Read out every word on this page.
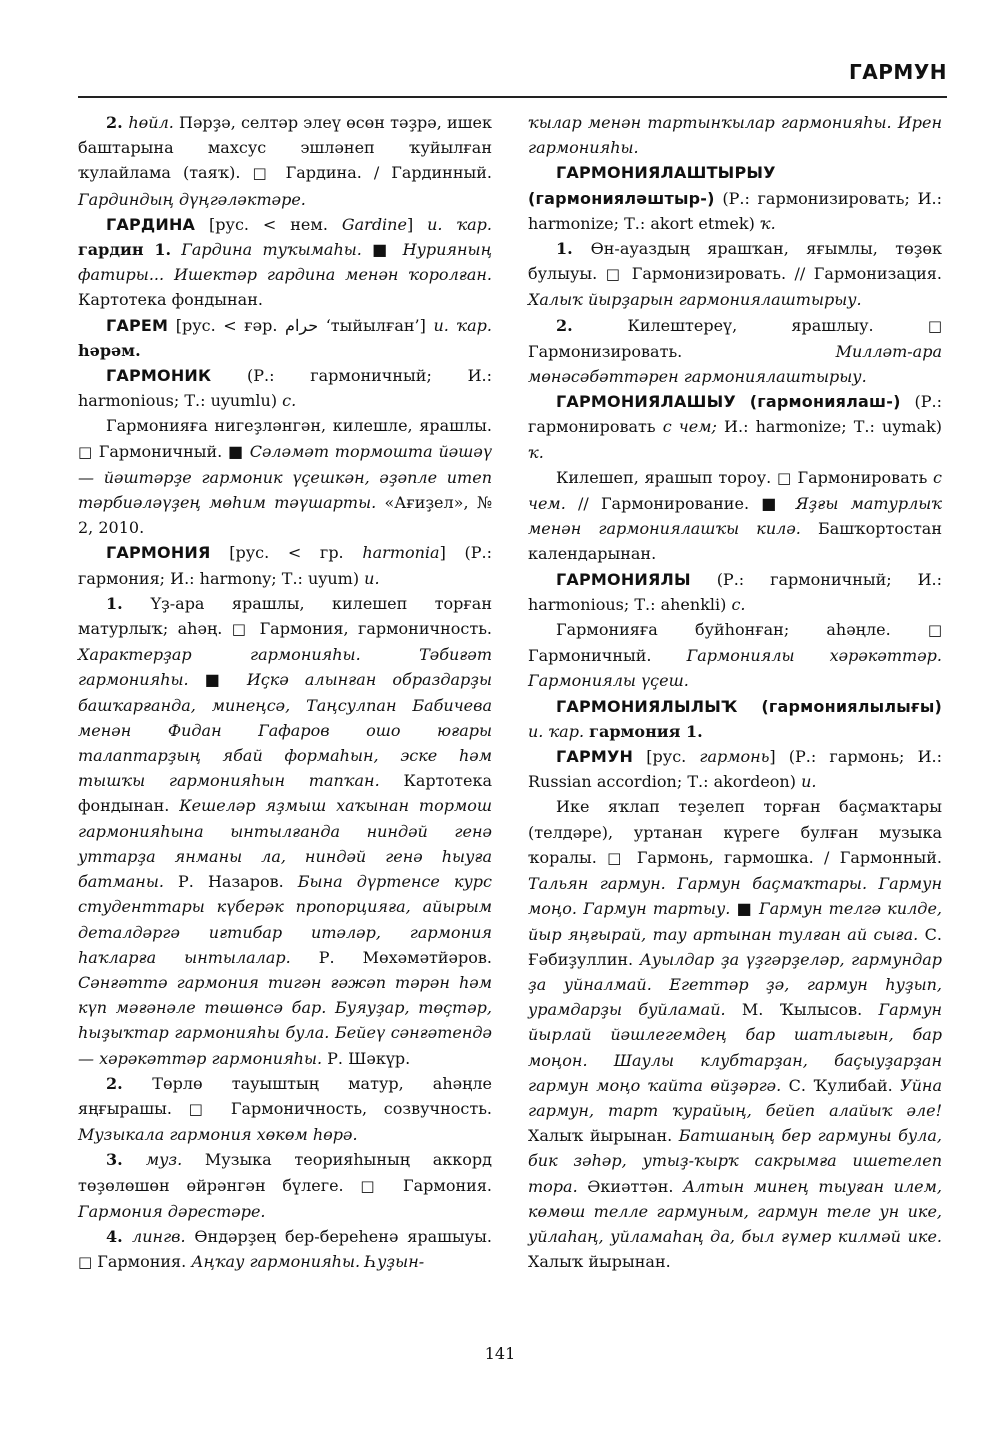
ГАРМУН

2. һөйл. Пәрҙә, селтәр элеү өсөн тәҙрә, ишек баштарына махсус эшләнеп ҡуйылған ҡулайлама (таяҡ). □ Гардина. / Гардинный. Гардиндың дүңгәләктәре.

ГАРДИНА [рус. < нем. Gardine] и. ҡар. гардин 1. Гардина туҡымаһы. ■ Нурияның фатиры... Ишектәр гардина менән ҡоролған. Картотека фондынан.

ГАРЕМ [рус. < ғәр. حرام ‘тыйылған’] и. ҡар. һәрәм.

ГАРМОНИК (Р.: гармоничный; И.: harmonious; Т.: uyumlu) с.

Гармонияға нигеҙләнгән, килешле, ярашлы. □ Гармоничный. ■ Сәләмәт тормошта йәшәү — йәштәрҙе гармоник үҫешкән, әҙәпле итеп тәрбиәләүҙең мөһим тәүшарты. «Ағиҙел», № 2, 2010.

ГАРМОНИЯ [рус. < гр. harmonia] (Р.: гармония; И.: harmony; Т.: uyum) и.

1. Үҙ-ара ярашлы, килешеп торған матурлыҡ; аһәң. □ Гармония, гармоничность. Характерҙар гармонияһы. Тәбиғәт гармонияһы. ■ Иҫкә алынған образдарҙы башҡарғанда, минеңсә, Таңсулпан Бабичева менән Фидан Гафаров ошо юғары талаптарҙың ябай формаһын, эске һәм тышҡы гармонияһын тапҡан. Картотека фондынан. Кешеләр яҙмыш хаҡынан тормош гармонияһына ынтылғанда ниндәй генә уттарҙа янманы ла, ниндәй генә һыуға батманы. Р. Назаров. Бына дүртенсе курс студенттары күберәк пропорцияға, айырым деталдәргә иғтибар итәләр, гармония һаҡларға ынтылалар. Р. Мөхәмәтйәров. Сәнғәттә гармония тигән ғәжәп тәрән һәм күп мәғәнәле төшөнсә бар. Буяуҙар, төҫтәр, һыҙыҡтар гармонияһы була. Бейеү сәнғәтендә — хәрәкәттәр гармонияһы. Р. Шәкүр.

2. Төрлө тауыштың матур, аһәңле яңғырашы. □ Гармоничность, созвучность. Музыкала гармония хөкөм һөрә.

3. муз. Музыка теорияһының аккорд төҙөлөшөн өйрәнгән бүлеге. □ Гармония. Гармония дәрестәре.

4. лингв. Өндәрҙең бер-береһенә ярашыуы. □ Гармония. Аңҡау гармонияһы. Һуҙын-

ҡылар менән тартынҡылар гармонияһы. Ирен гармонияһы.

ГАРМОНИЯЛАШТЫРЫУ (гармонияләштыр-) (Р.: гармонизировать; И.: harmonize; Т.: akort etmek) ҡ.

1. Өн-ауаздың ярашҡан, яғымлы, төҙөк булыуы. □ Гармонизировать. // Гармонизация. Халыҡ йырҙарын гармониялаштырыу.

2. Килештереү, ярашлыу. □ Гармонизировать. Милләт-ара мөнәсәбәттәрен гармониялаштырыу.

ГАРМОНИЯЛАШЫУ (гармониялаш-) (Р.: гармонировать с чем; И.: harmonize; Т.: uymak) ҡ.

Килешеп, ярашып тороу. □ Гармонировать с чем. // Гармонирование. ■ Яҙғы матурлыҡ менән гармониялашҡы килә. Башҡортостан календарынан.

ГАРМОНИЯЛЫ (Р.: гармоничный; И.: harmonious; Т.: ahenkli) с.

Гармонияға буйһонған; аһәңле. □ Гармоничный. Гармониялы хәрәкәттәр. Гармониялы үҫеш.

ГАРМОНИЯЛЫЛЫҠ (гармониялылығы) и. ҡар. гармония 1.

ГАРМУН [рус. гармонь] (Р.: гармонь; И.: Russian accordion; Т.: akordeon) и.

Ике яҡлап теҙелеп торған баҫмаҡтары (телдәре), уртанан күреге булған музыка ҡоралы. □ Гармонь, гармошка. / Гармонный. Тальян гармун. Гармун баҫмаҡтары. Гармун моңо. Гармун тартыу. ■ Гармун телгә килде, йыр яңғырай, тау артынан тулған ай сыға. С. Ғәбиҙуллин. Ауылдар ҙа үҙгәрҙеләр, гармундар ҙа уйналмай. Егеттәр ҙә, гармун һуҙып, урамдарҙы буйламай. М. Ҡылысов. Гармун йырлай йәшлегемдең бар шатлығын, бар моңон. Шаулы клубтарҙан, баҫыуҙарҙан гармун моңо ҡайта өйҙәргә. С. Ҡулибай. Уйна гармун, тарт ҡурайың, бейеп алайыҡ әле! Халыҡ йырынан. Батшаның бер гармуны була, бик зәһәр, утыҙ-ҡырҡ сакрымға ишетелеп тора. Әкиәттән. Алтын минең тыуған илем, көмөш телле гармуным, гармун теле ун ике, уйлаһаң, уйламаһаң да, был ғүмер килмәй ике. Халыҡ йырынан.

141
